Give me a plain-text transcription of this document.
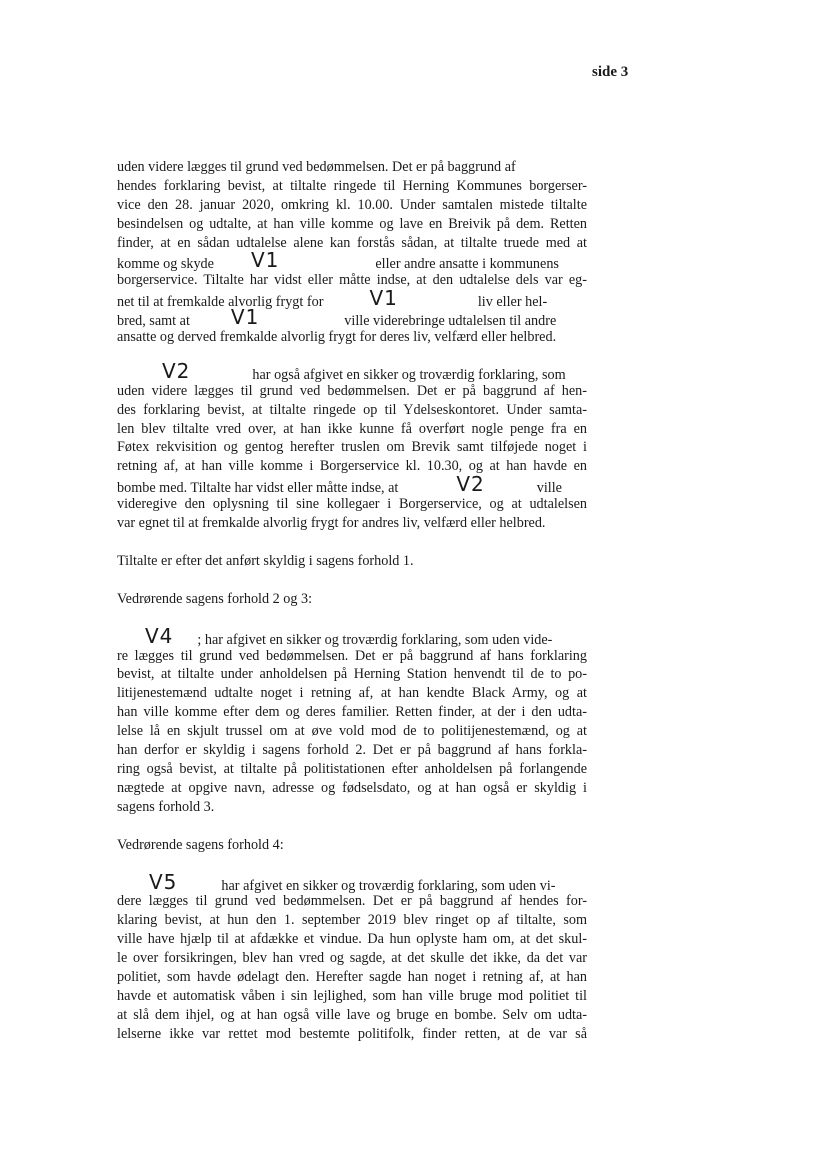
side 3
uden videre lægges til grund ved bedømmelsen. Det er på baggrund af
hendes forklaring bevist, at tiltalte ringede til Herning Kommunes borgerser-
vice den 28. januar 2020, omkring kl. 10.00. Under samtalen mistede tiltalte
besindelsen og udtalte, at han ville komme og lave en Breivik på dem. Retten
finder, at en sådan udtalelse alene kan forstås sådan, at tiltalte truede med at
komme og skyde V1	eller andre ansatte i kommunens
borgerservice. Tiltalte har vidst eller måtte indse, at den udtalelse dels var eg-
net til at fremkalde alvorlig frygt for V1	liv eller hel-
bred, samt at V1	ville viderebringe udtalelsen til andre
ansatte og derved fremkalde alvorlig frygt for deres liv, velfærd eller helbred.
V2	har også afgivet en sikker og troværdig forklaring, som
uden videre lægges til grund ved bedømmelsen. Det er på baggrund af hen-
des forklaring bevist, at tiltalte ringede op til Ydelseskontoret. Under samta-
len blev tiltalte vred over, at han ikke kunne få overført nogle penge fra en
Føtex rekvisition og gentog herefter truslen om Brevik samt tilføjede noget i
retning af, at han ville komme i Borgerservice kl. 10.30, og at han havde en
bombe med. Tiltalte har vidst eller måtte indse, at	V2	ville
videregive den oplysning til sine kollegaer i Borgerservice, og at udtalelsen
var egnet til at fremkalde alvorlig frygt for andres liv, velfærd eller helbred.
Tiltalte er efter det anført skyldig i sagens forhold 1.
Vedrørende sagens forhold 2 og 3:
V4 ; har afgivet en sikker og troværdig forklaring, som uden vide-
re lægges til grund ved bedømmelsen. Det er på baggrund af hans forklaring
bevist, at tiltalte under anholdelsen på Herning Station henvendt til de to po-
litijenestemænd udtalte noget i retning af, at han kendte Black Army, og at
han ville komme efter dem og deres familier. Retten finder, at der i den udta-
lelse lå en skjult trussel om at øve vold mod de to politijenestemænd, og at
han derfor er skyldig i sagens forhold 2. Det er på baggrund af hans forkla-
ring også bevist, at tiltalte på politistationen efter anholdelsen på forlangende
nægtede at opgive navn, adresse og fødselsdato, og at han også er skyldig i
sagens forhold 3.
Vedrørende sagens forhold 4:
V5	har afgivet en sikker og troværdig forklaring, som uden vi-
dere lægges til grund ved bedømmelsen. Det er på baggrund af hendes for-
klaring bevist, at hun den 1. september 2019 blev ringet op af tiltalte, som
ville have hjælp til at afdække et vindue. Da hun oplyste ham om, at det skul-
le over forsikringen, blev han vred og sagde, at det skulle det ikke, da det var
politiet, som havde ødelagt den. Herefter sagde han noget i retning af, at han
havde et automatisk våben i sin lejlighed, som han ville bruge mod politiet til
at slå dem ihjel, og at han også ville lave og bruge en bombe. Selv om udta-
lelserne ikke var rettet mod bestemte politifolk, finder retten, at de var så
